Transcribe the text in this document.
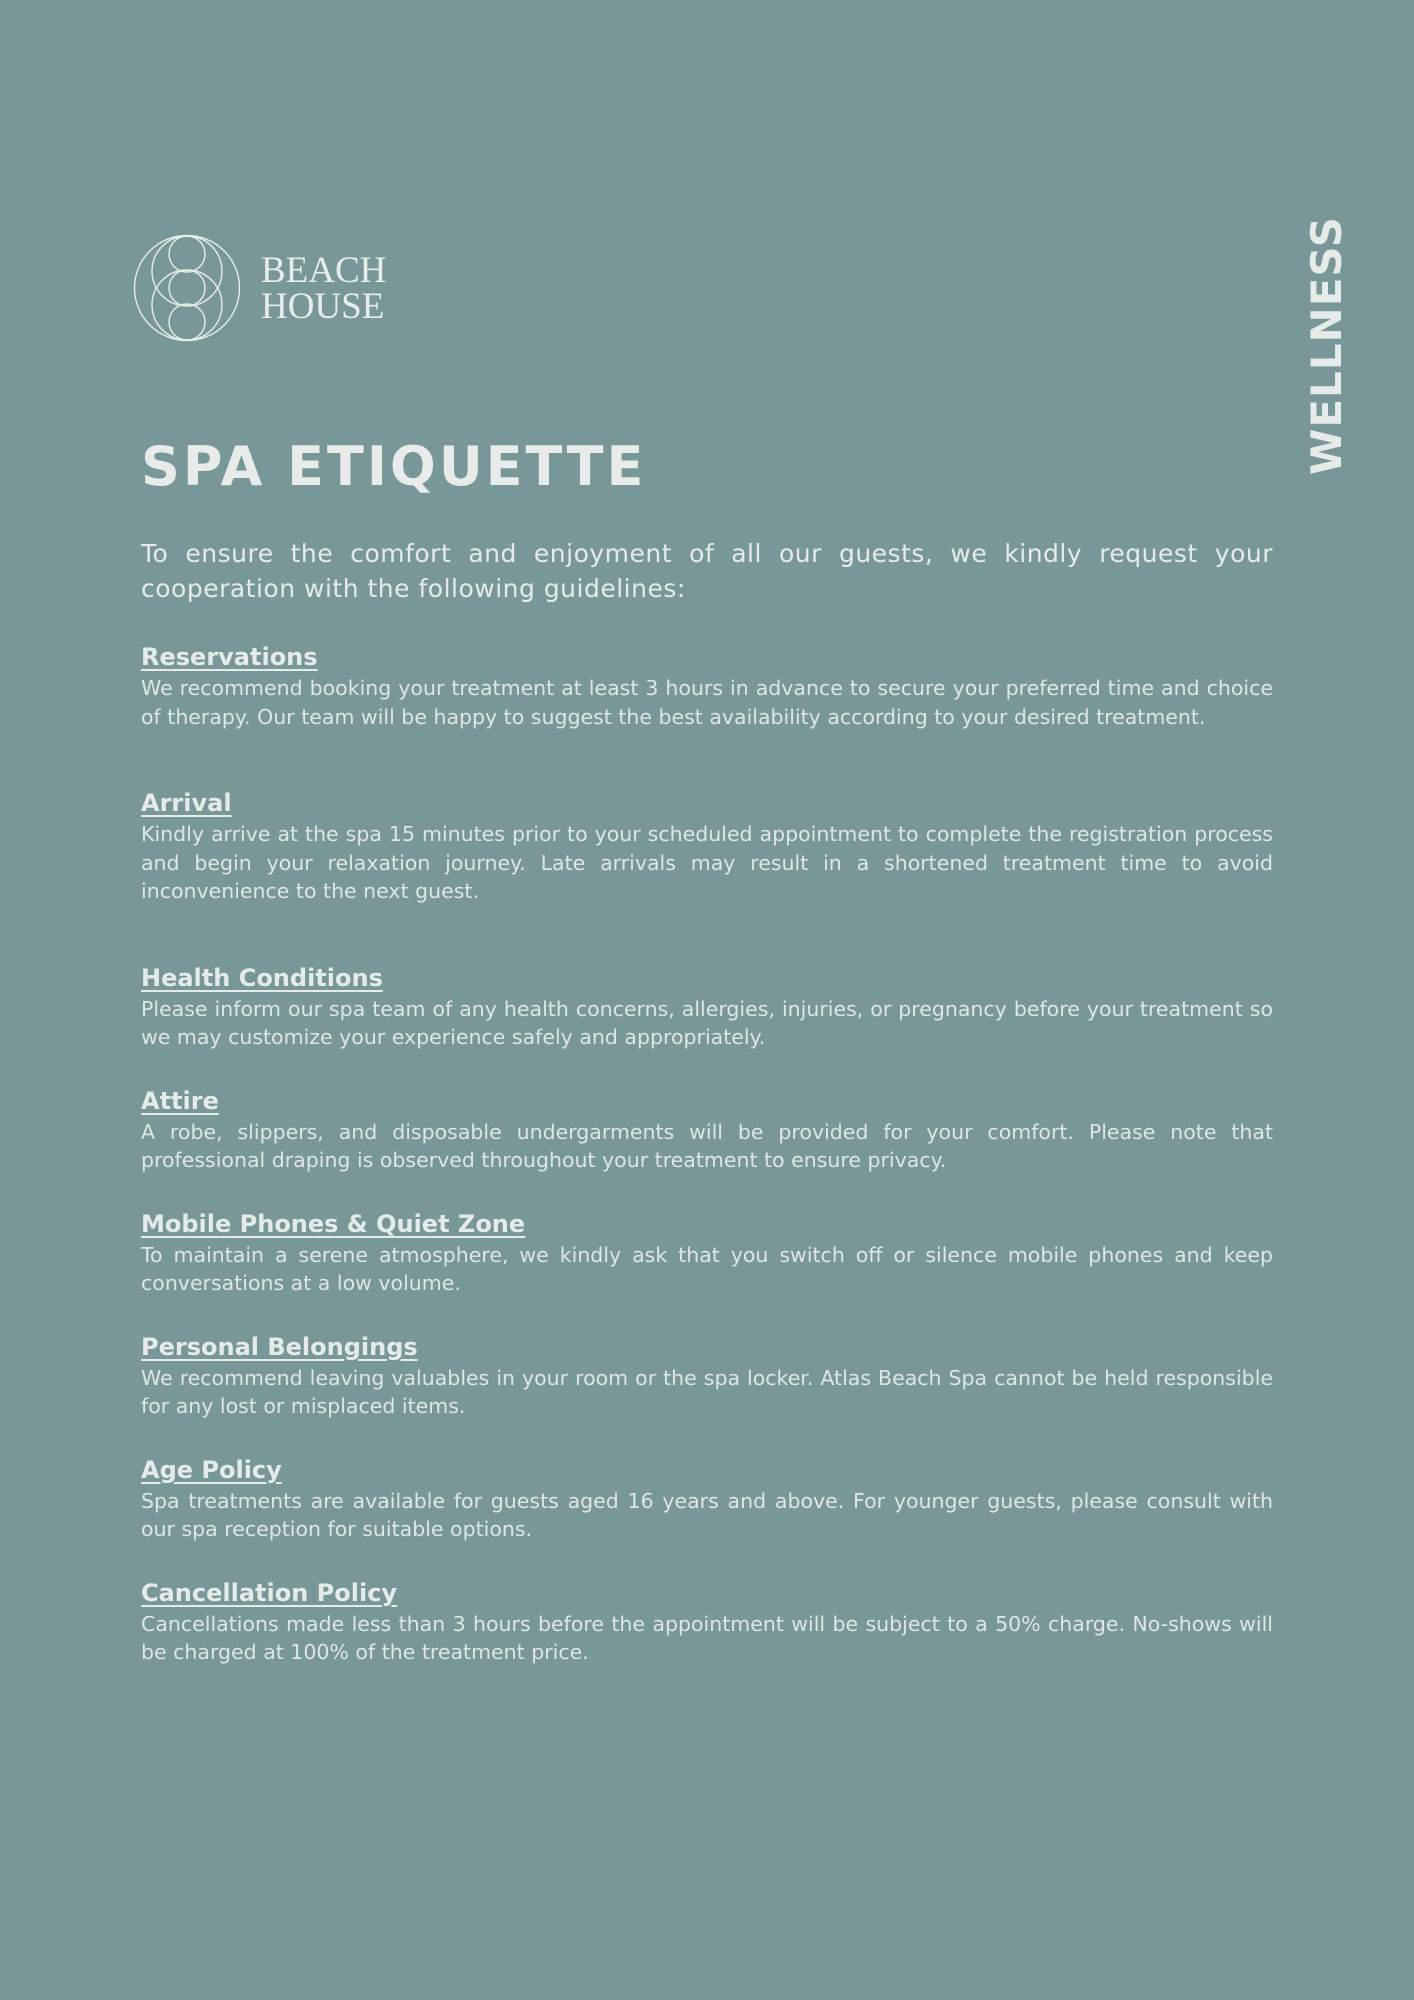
BEACH
HOUSE	WELLNESS
SPA ETIQUETTE

To ensure the comfort and enjoyment of all our guests, we kindly request your cooperation with the following guidelines:

Reservations

We recommend booking your treatment at least 3 hours in advance to secure your preferred time and choice of therapy. Our team will be happy to suggest the best availability according to your desired treatment.

Arrival

Kindly arrive at the spa 15 minutes prior to your scheduled appointment to complete the registration process and begin your relaxation journey. Late arrivals may result in a shortened treatment time to avoid inconvenience to the next guest.

Health Conditions

Please inform our spa team of any health concerns, allergies, injuries, or pregnancy before your treatment so we may customize your experience safely and appropriately.

Attire

A robe, slippers, and disposable undergarments will be provided for your comfort. Please note that professional draping is observed throughout your treatment to ensure privacy.

Mobile Phones & Quiet Zone

To maintain a serene atmosphere, we kindly ask that you switch off or silence mobile phones and keep conversations at a low volume.

Personal Belongings

We recommend leaving valuables in your room or the spa locker. Atlas Beach Spa cannot be held responsible for any lost or misplaced items.

Age Policy

Spa treatments are available for guests aged 16 years and above. For younger guests, please consult with our spa reception for suitable options.

Cancellation Policy

Cancellations made less than 3 hours before the appointment will be subject to a 50% charge. No-shows will be charged at 100% of the treatment price.
